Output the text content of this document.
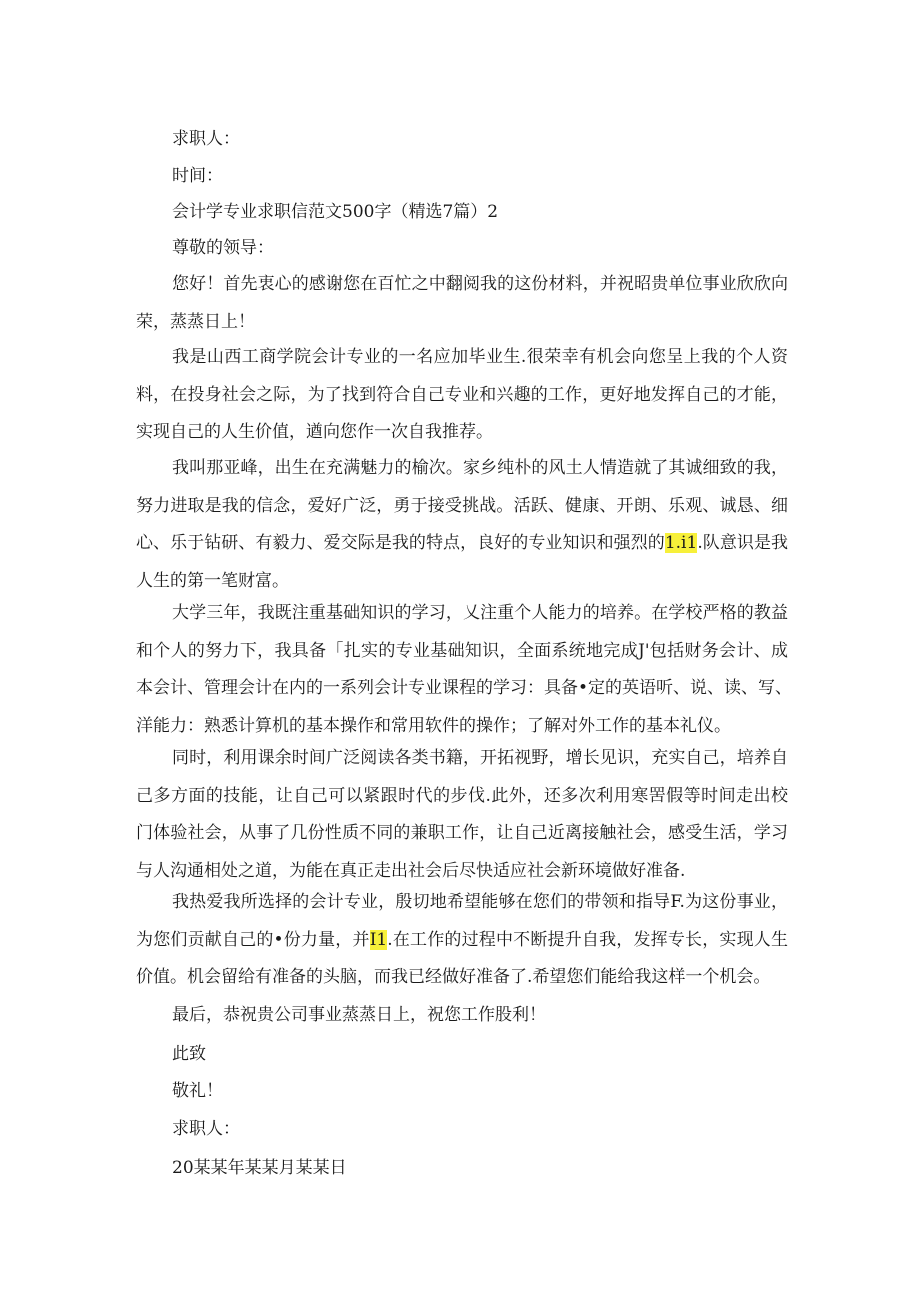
求职人：
时间：
会计学专业求职信范文500字（精选7篇）2
尊敬的领导：
您好！首先衷心的感谢您在百忙之中翻阅我的这份材料，并祝昭贵单位事业欣欣向
荣，蒸蒸日上！
我是山西工商学院会计专业的一名应加毕业生.很荣幸有机会向您呈上我的个人资
料，在投身社会之际，为了找到符合自己专业和兴趣的工作，更好地发挥自己的才能，
实现自己的人生价值，遒向您作一次自我推荐。
我叫那亚峰，出生在充满魅力的榆次。家乡纯朴的风土人情造就了其诚细致的我，
努力进取是我的信念，爱好广泛，勇于接受挑战。活跃、健康、开朗、乐观、诚恳、细
心、乐于钻研、有毅力、爱交际是我的特点，良好的专业知识和强烈的1.i1.队意识是我
人生的第一笔财富。
大学三年，我既注重基础知识的学习，乂注重个人能力的培养。在学校严格的教益
和个人的努力下，我具备「扎实的专业基础知识，全面系统地完成J'包括财务会计、成
本会计、管理会计在内的一系列会计专业课程的学习：具备•定的英语听、说、读、写、
洋能力：熟悉计算机的基本操作和常用软件的操作；了解对外工作的基本礼仪。
同时，利用课余时间广泛阅读各类书籍，开拓视野，增长见识，充实自己，培养自
己多方面的技能，让自己可以紧跟时代的步伐.此外，还多次利用寒罟假等时间走出校
门体验社会，从事了几份性质不同的兼职工作，让自己近离接触社会，感受生活，学习
与人沟通相处之道，为能在真正走出社会后尽快适应社会新环境做好准备.
我热爱我所选择的会计专业，殷切地希望能够在您们的带领和指导F.为这份事业，
为您们贡献自己的•份力量，并I1.在工作的过程中不断提升自我，发挥专长，实现人生
价值。机会留给有准备的头脑，而我已经做好准备了.希望您们能给我这样一个机会。
最后，恭祝贵公司事业蒸蒸日上，祝您工作股利！
此致
敬礼！
求职人：
20某某年某某月某某日
